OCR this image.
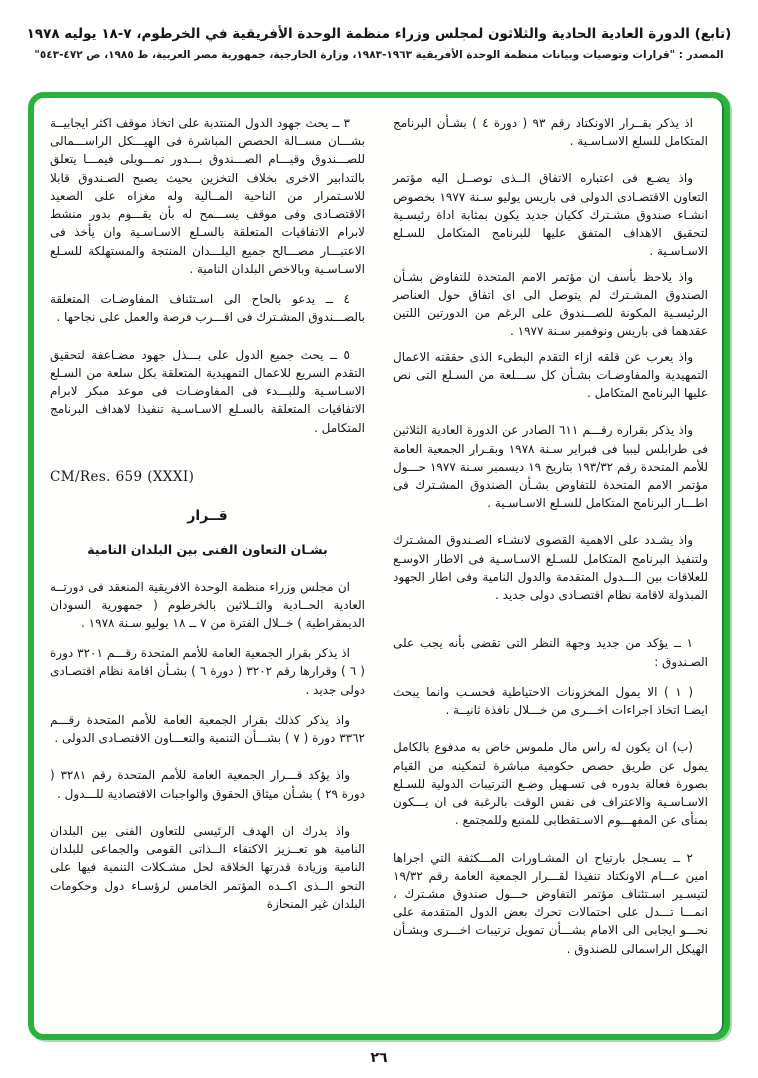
(تابع) الدورة العادية الحادية والثلاثون لمجلس وزراء منظمة الوحدة الأفريقية في الخرطوم، ٧-١٨ يوليه ١٩٧٨
المصدر : "قرارات وتوصيات وبيانات منظمة الوحدة الأفريقية ١٩٦٣-١٩٨٣، وزارة الخارجية، جمهورية مصر العربية، ط ١٩٨٥، ص ٤٧٢-٥٤٣"

اذ يذكر بقــرار الاونكتاد رقم ٩٣ ( دورة ٤ ) بشـأن البرنامج المتكامل للسلع الاسـاسـية .

واذ يضـع فى اعتباره الاتفاق الــذى توصــل اليه مؤتمر التعاون الاقتصـادى الدولى فى باريس يوليو سـنة ١٩٧٧ بخصوص انشـاء صندوق مشـترك ككيان جديد يكون بمثابة اداة رئيسـية لتحقيق الاهداف المتفق عليها للبرنامج المتكامل للسـلع الاسـاسـية .

واذ يلاحظ بأسف ان مؤتمر الامم المتحدة للتفاوض بشـأن الصندوق المشـترك لم يتوصل الى اى اتفاق حول العناصر الرئيسـية المكونة للصـــندوق على الرغم من الدورتين اللتين عقدهما فى باريس ونوفمبر سـنة ١٩٧٧ .

واذ يعرب عن قلقه ازاء التقدم البطىء الذى حققته الاعمال التمهيدية والمفاوضـات بشـأن كل ســـلعة من السـلع التى نص عليها البرنامج المتكامل .

واذ يذكر بقراره رقـــم ٦١١ الصادر عن الدورة العادية الثلاثين فى طرابلس ليبيا فى فبراير سـنة ١٩٧٨ وبقـرار الجمعية العامة للأمم المتحدة رقم ١٩٣/٣٢ بتاريخ ١٩ ديسمبر سـنة ١٩٧٧ حـــول مؤتمر الامم المتحدة للتفاوض بشـأن الصندوق المشـترك فى اطـــار البرنامج المتكامل للسـلع الاسـاسـية .

واذ يشـدد على الاهمية القصوى لانشـاء الصـندوق المشـترك ولتنفيذ البرنامج المتكامل للسـلع الاسـاسـية فى الاطار الاوسـع للعلاقات بين الـــدول المتقدمة والدول النامية وفى اطار الجهود المبذولة لاقامة نظام اقتصـادى دولى جديد .

١ ــ يؤكد من جديد وجهة النظر التى تقضى بأنه يجب على الصـندوق :

( ١ ) الا يمول المخزونات الاحتياطية فحسـب وانما يبحث ايضـا اتخاذ اجراءات اخـــرى من خـــلال نافذة ثانيــة .

(ب) ان يكون له راس مال ملموس خاص به مدفوع بالكامل يمول عن طريق حصص حكومية مباشرة لتمكينه من القيام بصورة فعالة بدوره فى تسـهيل وضـع الترتيبات الدولية للسـلع الاسـاسـية والاعتراف فى نفس الوقت بالرغبة فى ان يـــكون بمنأى عن المفهـــوم الاسـتقطابى للمنبع وللمجتمع .

٢ ــ يسـجل بارتياح ان المشـاورات المـــكثفة التي اجراها امين عـــام الاونكتاد تنفيذا لقـــرار الجمعية العامة رقم ١٩/٣٢ لتيسـير اسـتئناف مؤتمر التفاوض حـــول صندوق مشـترك ، انمـــا تـــدل على احتمالات تحرك بعض الدول المتقدمة على نحـــو ايجابى الى الامام بشـــأن تمويل ترتيبات اخـــرى وبشـأن الهيكل الراسمالى للصندوق .

٣ ــ يحث جهود الدول المنتدبة على اتخاذ موقف اكثر ايجابيــة بشـــان مســالة الحصص المباشرة فى الهيـــكل الراســـمالى للصـــندوق وقيـــام الصـــندوق بـــدور تمـــويلى فيمـــا يتعلق بالتدابير الاخرى بخلاف التخزين بحيث يصبح الصـندوق قابلا للاسـتمرار من الناحية المــالية وله مغزاه على الصعيد الاقتصـادى وفى موقف يســـمح له بأن يقـــوم بدور منشط لابرام الاتفاقيات المتعلقة بالسـلع الاسـاسـية وان يأخذ فى الاعتبـــار مصـــالح جميع البلـــدان المنتجة والمستهلكة للسـلع الاسـاسـية وبالاخص البلدان النامية .

٤ ــ يدعو بالحاح الى اسـتئناف المفاوضـات المتعلقة بالصـــندوق المشـترك فى اقـــرب فرصة والعمل على نجاحها .

٥ ــ يحث جميع الدول على بـــذل جهود مضـاعفة لتحقيق التقدم السريع للاعمال التمهيدية المتعلقة بكل سلعة من السـلع الاسـاسـية وللبـــدء فى المفاوضـات فى موعد مبكر لابرام الاتفاقيات المتعلقة بالسـلع الاسـاسـية تنفيذا لاهداف البرنامج المتكامل .

CM/Res. 659 (XXXI)

قــرار

بشـان التعاون الفنى بين البلدان النامية

ان مجلس وزراء منظمة الوحدة الافريقية المنعقد فى دورتــه العادية الحــادية والثــلاثين بالخرطوم ( جمهورية السودان الديمقراطية ) خــلال الفترة من ٧ ــ ١٨ يوليو سـنة ١٩٧٨ .

اذ يذكر بقرار الجمعية العامة للأمم المتحدة رقـــم ٣٢٠١ دورة ( ٦ ) وقرارها رقم ٣٢٠٢ ( دورة ٦ ) بشـأن اقامة نظام اقتصـادى دولى جديد .

واذ يذكر كذلك بقرار الجمعية العامة للأمم المتحدة رقـــم ٣٣٦٢ دورة ( ٧ ) بشـــأن التنمية والتعـــاون الاقتصـادى الدولى .

واذ يؤكد قـــرار الجمعية العامة للأمم المتحدة رقم ٣٢٨١ ( دورة ٢٩ ) بشـأن ميثاق الحقوق والواجبات الاقتصادية للـــدول .

واذ يدرك ان الهدف الرئيسى للتعاون الفنى بين البلدان النامية هو تعــزيز الاكتفاء الــذاتى القومى والجماعى للبلدان النامية وزيادة قدرتها الخلاقة لحل مشـكلات التنمية فيها على النحو الــذى اكــده المؤتمر الخامس لرؤسـاء دول وحكومات البلدان غير المنحازة

٢٦
